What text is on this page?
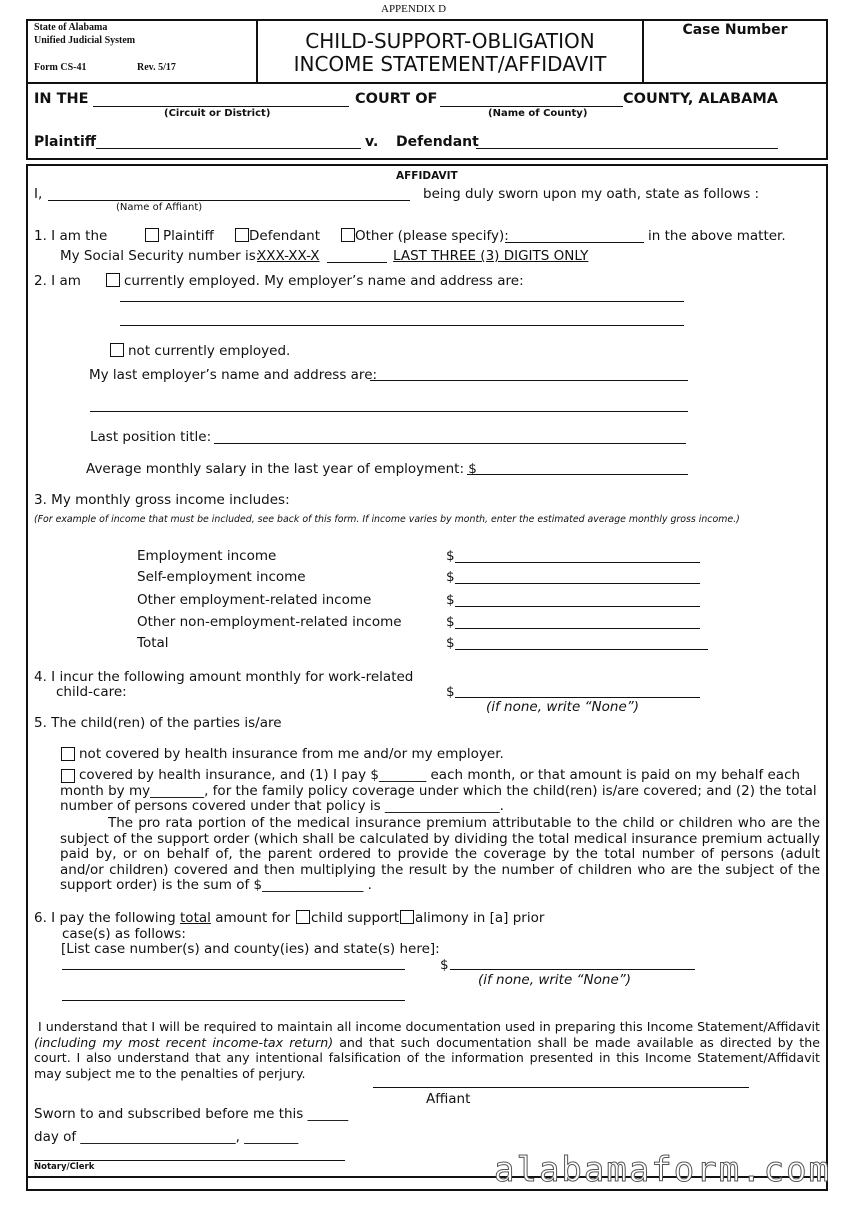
APPENDIX D
State of Alabama
Unified Judicial System
Form CS-41	Rev. 5/17
CHILD-SUPPORT-OBLIGATION
INCOME STATEMENT/AFFIDAVIT
Case Number
IN THE	COURT OF	COUNTY, ALABAMA
(Circuit or District)	(Name of County)
Plaintiff	v. Defendant
AFFIDAVIT
I,	being duly sworn upon my oath, state as follows :
(Name of Affiant)
1. I am the	Plaintiff	Defendant	Other (please specify):	in the above matter.
My Social Security number is:
XXX-XX-X	LAST THREE (3) DIGITS ONLY
2. I am	currently employed. My employer’s name and address are:
not currently employed.
My last employer’s name and address are:
Last position title:
Average monthly salary in the last year of employment: $
3. My monthly gross income includes:
(For example of income that must be included, see back of this form. If income varies by month, enter the estimated average monthly gross income.)
Employment income	$
Self-employment income	$
Other employment-related income	$
Other non-employment-related income	$
Total	$
4. I incur the following amount monthly for work-related
child-care:	$
(if none, write “None”)
5. The child(ren) of the parties is/are
not covered by health insurance from me and/or my employer.
covered by health insurance, and (1) I pay $_______ each month, or that amount is paid on my behalf each month by my________, for the family policy coverage under which the child(ren) is/are covered; and (2) the total number of persons covered under that policy is _________________.
The pro rata portion of the medical insurance premium attributable to the child or children who are the subject of the support order (which shall be calculated by dividing the total medical insurance premium actually paid by, or on behalf of, the parent ordered to provide the coverage by the total number of persons (adult and/or children) covered and then multiplying the result by the number of children who are the subject of the support order) is the sum of $_______________ .
6. I pay the following total amount for child support alimony in [a] prior
case(s) as follows:
[List case number(s) and county(ies) and state(s) here]:
$
(if none, write “None”)
I understand that I will be required to maintain all income documentation used in preparing this Income Statement/Affidavit (including my most recent income-tax return) and that such documentation shall be made available as directed by the court. I also understand that any intentional falsification of the information presented in this Income Statement/Affidavit may subject me to the penalties of perjury.
Affiant
Sworn to and subscribed before me this ______
day of _______________________, ________
Notary/Clerk	alabamaform.com
